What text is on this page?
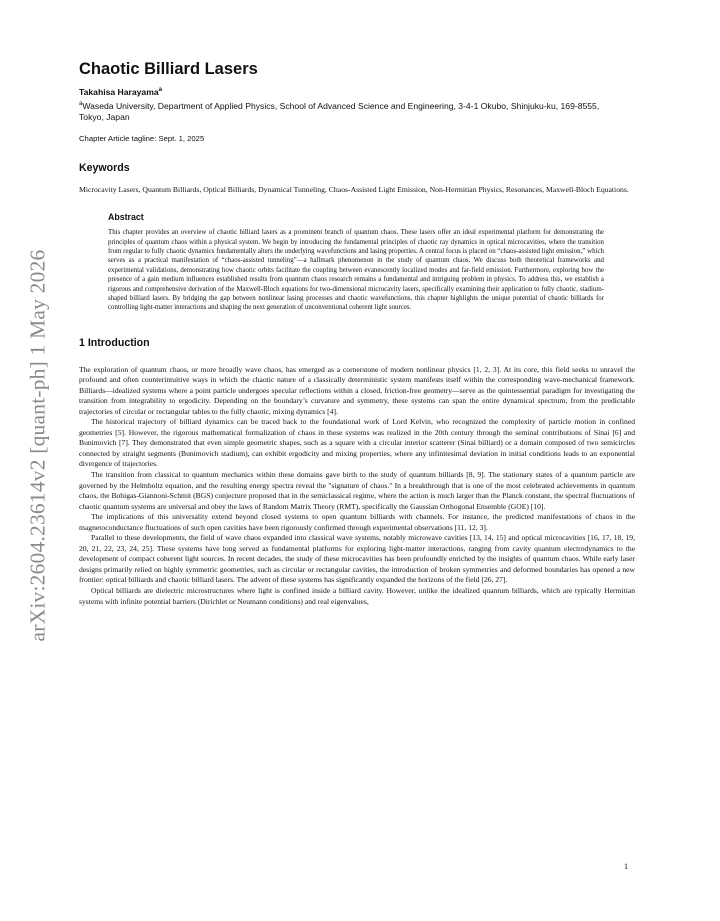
arXiv:2604.23614v2 [quant-ph] 1 May 2026
Chaotic Billiard Lasers
Takahisa Harayama$^a$
$^a$Waseda University, Department of Applied Physics, School of Advanced Science and Engineering, 3-4-1 Okubo, Shinjuku-ku, 169-8555, Tokyo, Japan
Chapter Article tagline: Sept. 1, 2025
Keywords
Microcavity Lasers, Quantum Billiards, Optical Billiards, Dynamical Tunneling, Chaos-Assisted Light Emission, Non-Hermitian Physics, Resonances, Maxwell-Bloch Equations.
Abstract

This chapter provides an overview of chaotic billiard lasers as a prominent branch of quantum chaos. These lasers offer an ideal experimental platform for demonstrating the principles of quantum chaos within a physical system. We begin by introducing the fundamental principles of chaotic ray dynamics in optical microcavities, where the transition from regular to fully chaotic dynamics fundamentally alters the underlying wavefunctions and lasing properties. A central focus is placed on “chaos-assisted light emission,” which serves as a practical manifestation of “chaos-assisted tunneling”—a hallmark phenomenon in the study of quantum chaos. We discuss both theoretical frameworks and experimental validations, demonstrating how chaotic orbits facilitate the coupling between evanescently localized modes and far-field emission. Furthermore, exploring how the presence of a gain medium influences established results from quantum chaos research remains a fundamental and intriguing problem in physics. To address this, we establish a rigorous and comprehensive derivation of the Maxwell-Bloch equations for two-dimensional microcavity lasers, specifically examining their application to fully chaotic, stadium-shaped billiard lasers. By bridging the gap between nonlinear lasing processes and chaotic wavefunctions, this chapter highlights the unique potential of chaotic billiards for controlling light-matter interactions and shaping the next generation of unconventional coherent light sources.

1 Introduction

The exploration of quantum chaos, or more broadly wave chaos, has emerged as a cornerstone of modern nonlinear physics [1, 2, 3]. At its core, this field seeks to unravel the profound and often counterintuitive ways in which the chaotic nature of a classically deterministic system manifests itself within the corresponding wave-mechanical framework. Billiards—idealized systems where a point particle undergoes specular reflections within a closed, friction-free geometry—serve as the quintessential paradigm for investigating the transition from integrability to ergodicity. Depending on the boundary’s curvature and symmetry, these systems can span the entire dynamical spectrum, from the predictable trajectories of circular or rectangular tables to the fully chaotic, mixing dynamics [4].

The historical trajectory of billiard dynamics can be traced back to the foundational work of Lord Kelvin, who recognized the complexity of particle motion in confined geometries [5]. However, the rigorous mathematical formalization of chaos in these systems was realized in the 20th century through the seminal contributions of Sinai [6] and Bunimovich [7]. They demonstrated that even simple geometric shapes, such as a square with a circular interior scatterer (Sinai billiard) or a domain composed of two semicircles connected by straight segments (Bunimovich stadium), can exhibit ergodicity and mixing properties, where any infinitesimal deviation in initial conditions leads to an exponential divergence of trajectories.

The transition from classical to quantum mechanics within these domains gave birth to the study of quantum billiards [8, 9]. The stationary states of a quantum particle are governed by the Helmholtz equation, and the resulting energy spectra reveal the "signature of chaos." In a breakthrough that is one of the most celebrated achievements in quantum chaos, the Bohigas-Giannoni-Schmit (BGS) conjecture proposed that in the semiclassical regime, where the action is much larger than the Planck constant, the spectral fluctuations of chaotic quantum systems are universal and obey the laws of Random Matrix Theory (RMT), specifically the Gaussian Orthogonal Ensemble (GOE) [10].

The implications of this universality extend beyond closed systems to open quantum billiards with channels. For instance, the predicted manifestations of chaos in the magnetoconductance fluctuations of such open cavities have been rigorously confirmed through experimental observations [11, 12, 3].

Parallel to these developments, the field of wave chaos expanded into classical wave systems, notably microwave cavities [13, 14, 15] and optical microcavities [16, 17, 18, 19, 20, 21, 22, 23, 24, 25]. These systems have long served as fundamental platforms for exploring light-matter interactions, ranging from cavity quantum electrodynamics to the development of compact coherent light sources. In recent decades, the study of these microcavities has been profoundly enriched by the insights of quantum chaos. While early laser designs primarily relied on highly symmetric geometries, such as circular or rectangular cavities, the introduction of broken symmetries and deformed boundaries has opened a new frontier: optical billiards and chaotic billiard lasers. The advent of these systems has significantly expanded the horizons of the field [26, 27].

Optical billiards are dielectric microstructures where light is confined inside a billiard cavity. However, unlike the idealized quantum billiards, which are typically Hermitian systems with infinite potential barriers (Dirichlet or Neumann conditions) and real eigenvalues,

1
